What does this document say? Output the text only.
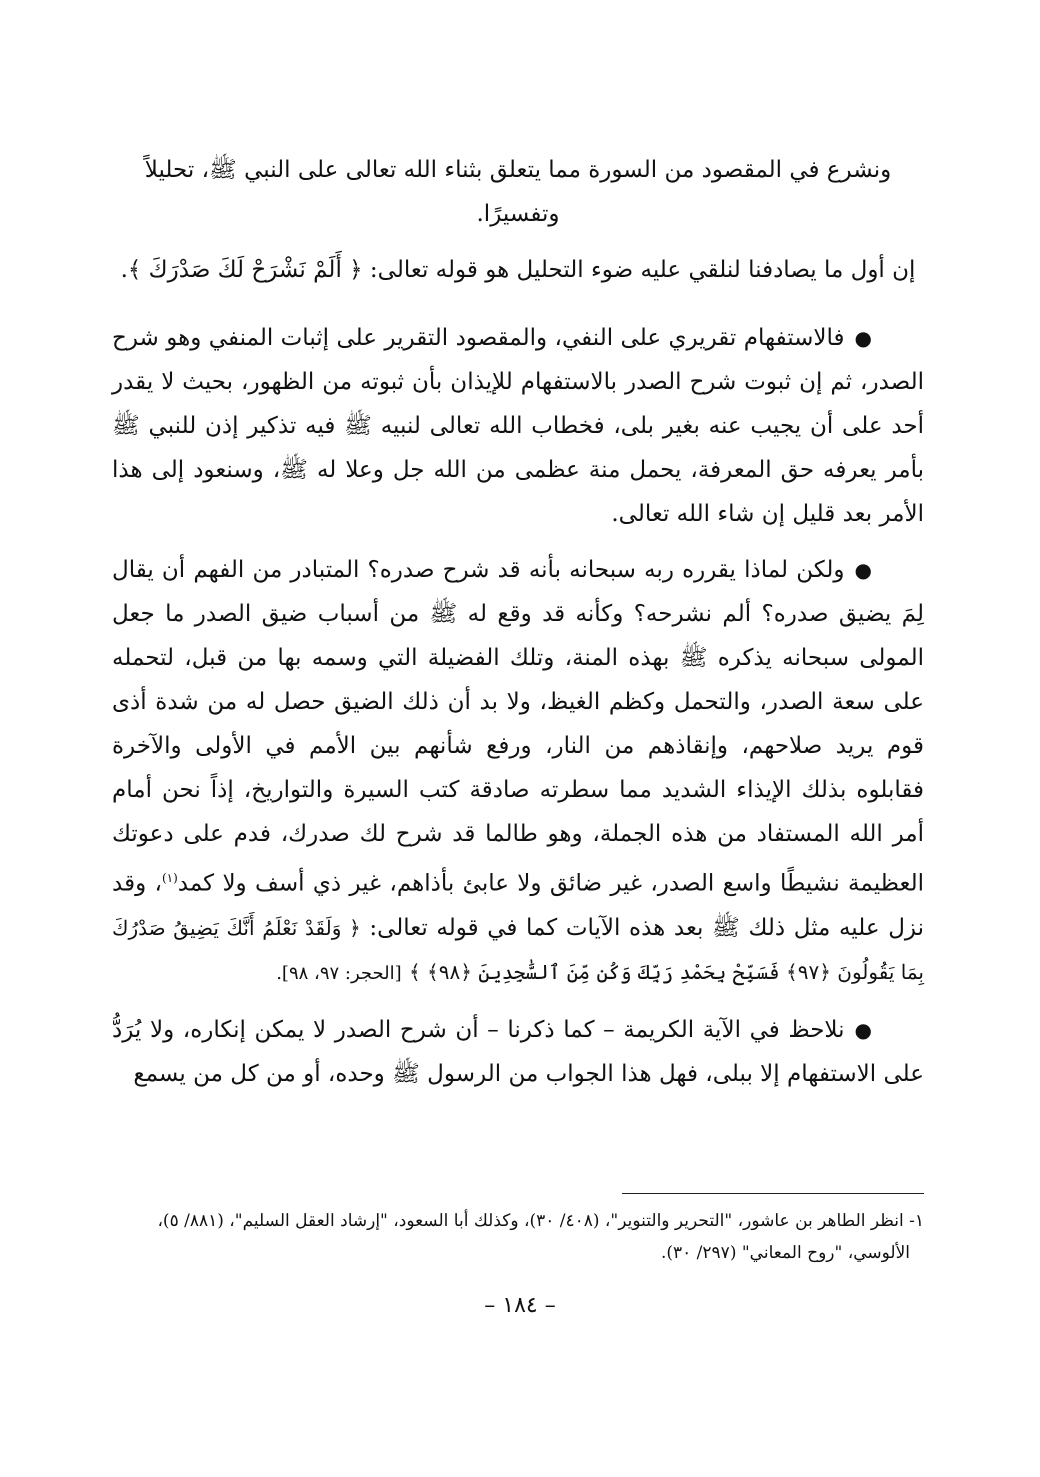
ونشرع في المقصود من السورة مما يتعلق بثناء الله تعالى على النبي ﷺ، تحليلاً وتفسيرًا.

إن أول ما يصادفنا لنلقي عليه ضوء التحليل هو قوله تعالى: ﴿ أَلَمْ نَشْرَحْ لَكَ صَدْرَكَ ﴾.

●فالاستفهام تقريري على النفي، والمقصود التقرير على إثبات المنفي وهو شرح الصدر، ثم إن ثبوت شرح الصدر بالاستفهام للإيذان بأن ثبوته من الظهور، بحيث لا يقدر أحد على أن يجيب عنه بغير بلى، فخطاب الله تعالى لنبيه ﷺ فيه تذكير إذن للنبي ﷺ بأمر يعرفه حق المعرفة، يحمل منة عظمى من الله جل وعلا له ﷺ، وسنعود إلى هذا الأمر بعد قليل إن شاء الله تعالى.

●ولكن لماذا يقرره ربه سبحانه بأنه قد شرح صدره؟ المتبادر من الفهم أن يقال لِمَ يضيق صدره؟ ألم نشرحه؟ وكأنه قد وقع له ﷺ من أسباب ضيق الصدر ما جعل المولى سبحانه يذكره ﷺ بهذه المنة، وتلك الفضيلة التي وسمه بها من قبل، لتحمله على سعة الصدر، والتحمل وكظم الغيظ، ولا بد أن ذلك الضيق حصل له من شدة أذى قوم يريد صلاحهم، وإنقاذهم من النار، ورفع شأنهم بين الأمم في الأولى والآخرة فقابلوه بذلك الإيذاء الشديد مما سطرته صادقة كتب السيرة والتواريخ، إذاً نحن أمام أمر الله المستفاد من هذه الجملة، وهو طالما قد شرح لك صدرك، فدم على دعوتك العظيمة نشيطًا واسع الصدر، غير ضائق ولا عابئ بأذاهم، غير ذي أسف ولا كمد$^{(١)}$، وقد نزل عليه مثل ذلك ﷺ بعد هذه الآيات كما في قوله تعالى: ﴿ وَلَقَدْ نَعْلَمُ أَنَّكَ يَضِيقُ صَدْرُكَ بِمَا يَقُولُونَ ﴿٩٧﴾ فَسَبِّحْ بِحَمْدِ رَبِّكَ وَكُن مِّنَ ٱلسَّٰجِدِينَ ﴿٩٨﴾ ﴾ [الحجر: ٩٧، ٩٨].

●نلاحظ في الآية الكريمة – كما ذكرنا – أن شرح الصدر لا يمكن إنكاره، ولا يُرَدُّ على الاستفهام إلا ببلى، فهل هذا الجواب من الرسول ﷺ وحده، أو من كل من يسمع

١- انظر الطاهر بن عاشور، "التحرير والتنوير"، (٤٠٨/ ٣٠)، وكذلك أبا السعود، "إرشاد العقل السليم"، (٨٨١/ ٥)،
الألوسي، "روح المعاني" (٢٩٧/ ٣٠).
– ١٨٤ –
